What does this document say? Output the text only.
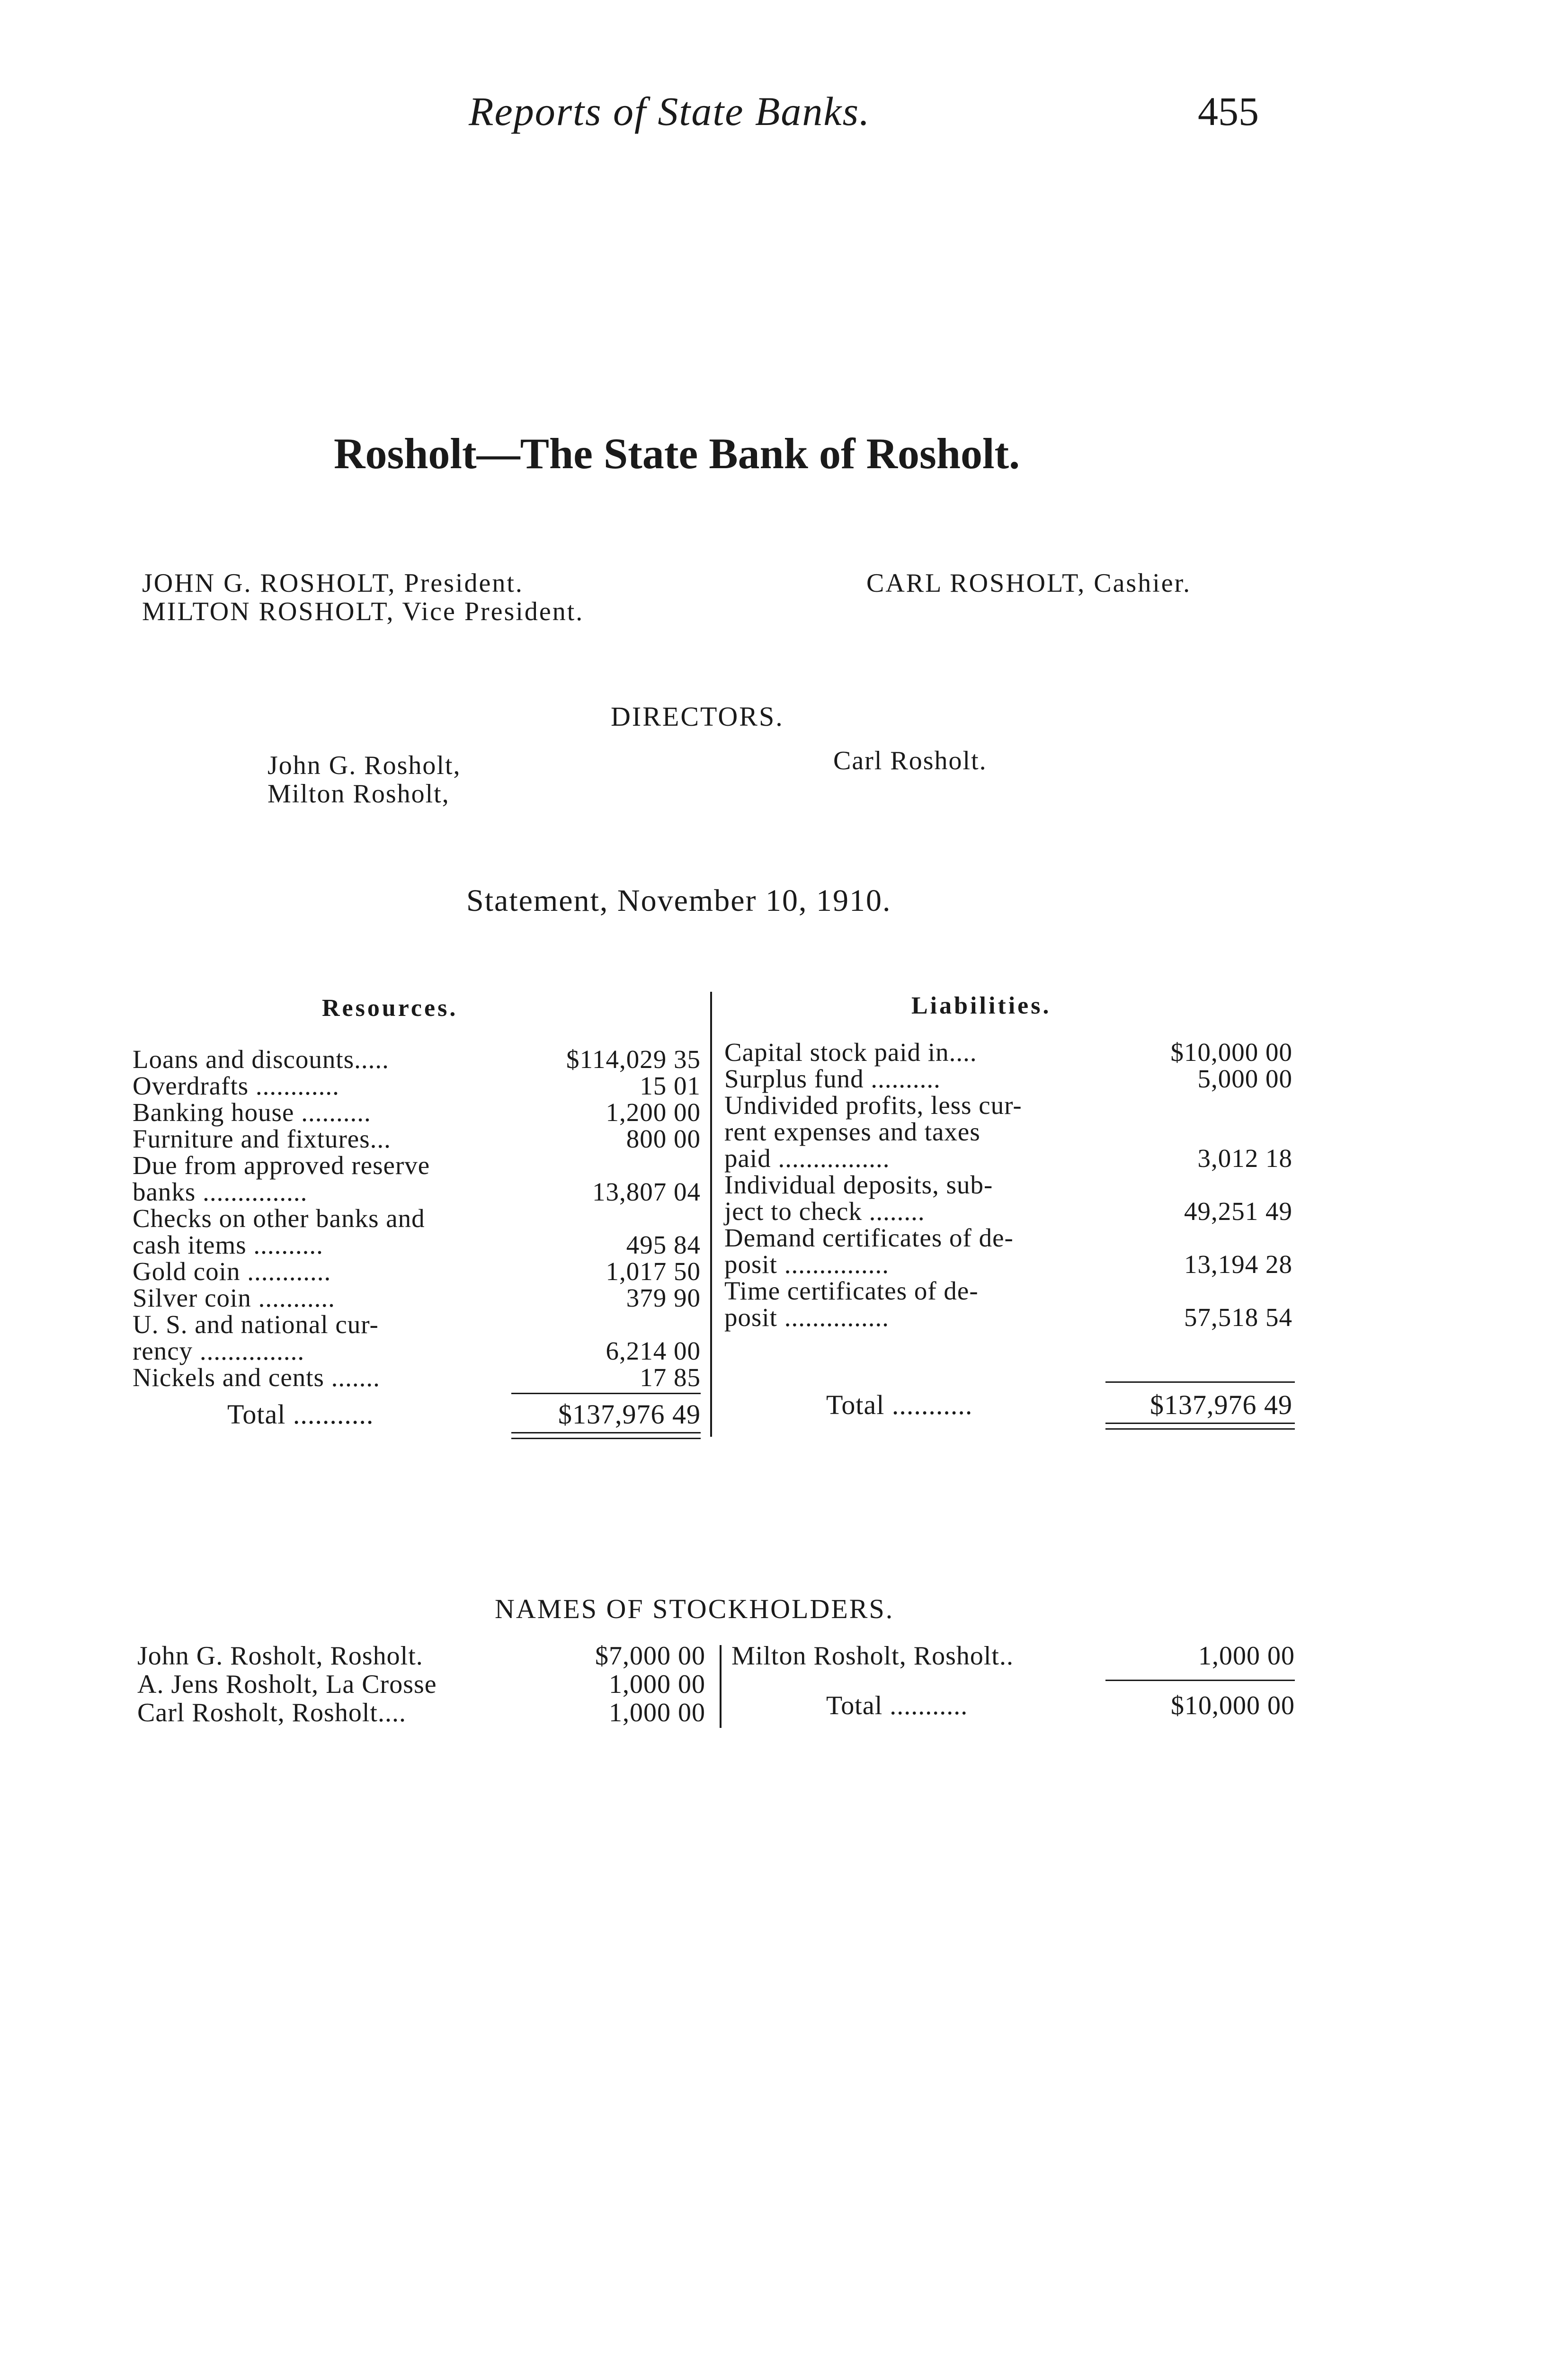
Reports of State Banks.	455
Rosholt—The State Bank of Rosholt.
JOHN G. ROSHOLT, President.
MILTON ROSHOLT, Vice President.
CARL ROSHOLT, Cashier.
DIRECTORS.
John G. Rosholt,
Milton Rosholt,
Carl Rosholt.
Statement, November 10, 1910.
Resources.	Liabilities.
Loans and discounts.....	$114,029 35
Overdrafts ............	15 01
Banking house ..........	1,200 00
Furniture and fixtures...	800 00
Due from approved reserve
banks ...............	13,807 04
Checks on other banks and
cash items ..........	495 84
Gold coin ............	1,017 50
Silver coin ...........	379 90
U. S. and national cur-
rency ...............	6,214 00
Nickels and cents .......	17 85
Total ...........	$137,976 49
Capital stock paid in....	$10,000 00
Surplus fund ..........	5,000 00
Undivided profits, less cur-
rent expenses and taxes
paid ................	3,012 18
Individual deposits, sub-
ject to check ........	49,251 49
Demand certificates of de-
posit ...............	13,194 28
Time certificates of de-
posit ...............	57,518 54
Total ...........	$137,976 49
NAMES OF STOCKHOLDERS.
John G. Rosholt, Rosholt.	$7,000 00
A. Jens Rosholt, La Crosse	1,000 00
Carl Rosholt, Rosholt....	1,000 00
Milton Rosholt, Rosholt..	1,000 00
Total ...........	$10,000 00
